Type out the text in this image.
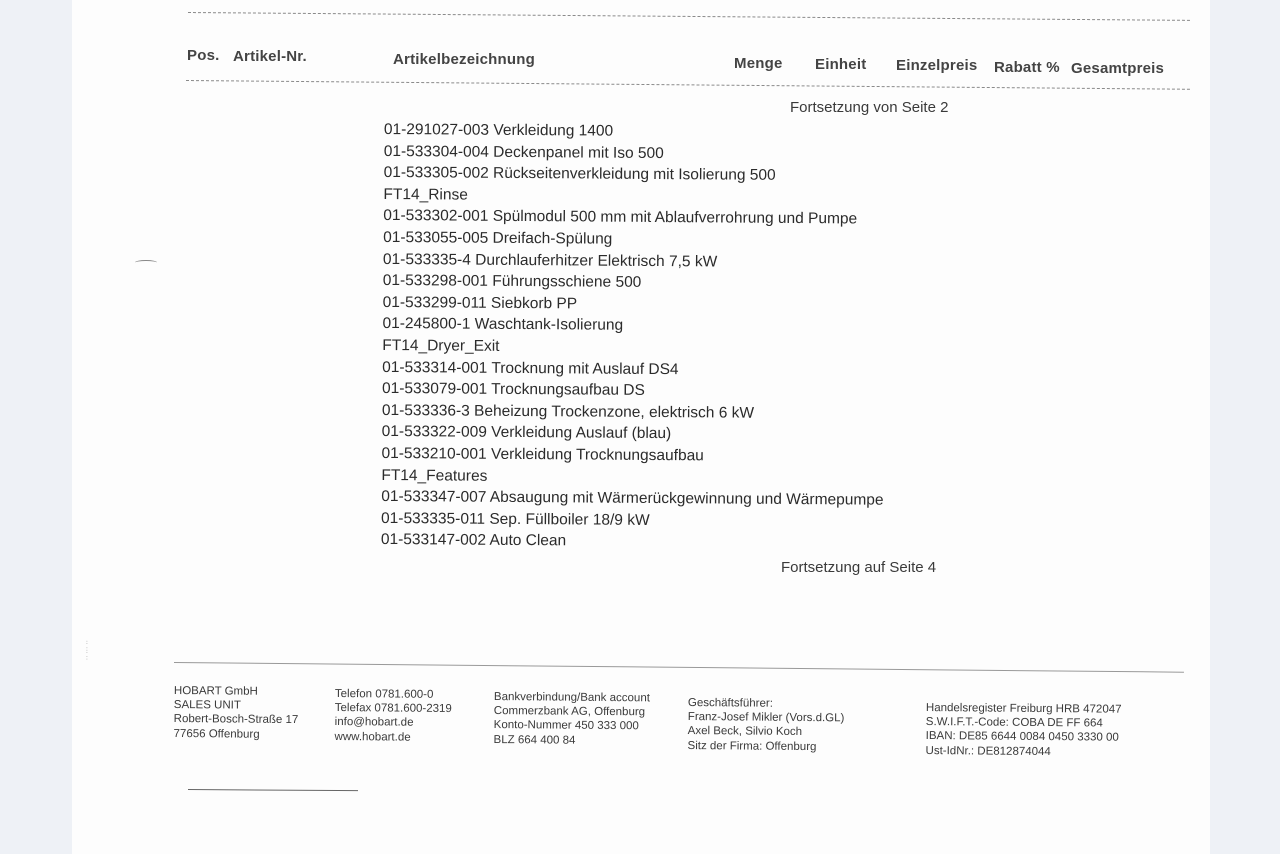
Pos. Artikel-Nr.	Artikelbezeichnung	Menge Einheit Einzelpreis Rabatt % Gesamtpreis
Fortsetzung von Seite 2
01-291027-003 Verkleidung 1400
01-533304-004 Deckenpanel mit Iso 500
01-533305-002 Rückseitenverkleidung mit Isolierung 500
FT14_Rinse
01-533302-001 Spülmodul 500 mm mit Ablaufverrohrung und Pumpe
01-533055-005 Dreifach-Spülung
01-533335-4 Durchlauferhitzer Elektrisch 7,5 kW
01-533298-001 Führungsschiene 500
01-533299-011 Siebkorb PP
01-245800-1 Waschtank-Isolierung
FT14_Dryer_Exit
01-533314-001 Trocknung mit Auslauf DS4
01-533079-001 Trocknungsaufbau DS
01-533336-3 Beheizung Trockenzone, elektrisch 6 kW
01-533322-009 Verkleidung Auslauf (blau)
01-533210-001 Verkleidung Trocknungsaufbau
FT14_Features
01-533347-007 Absaugung mit Wärmerückgewinnung und Wärmepumpe
01-533335-011 Sep. Füllboiler 18/9 kW
01-533147-002 Auto Clean
Fortsetzung auf Seite 4
·· ··· ··
HOBART GmbH
SALES UNIT
Robert-Bosch-Straße 17
77656 Offenburg
Telefon 0781.600-0
Telefax 0781.600-2319
info@hobart.de
www.hobart.de
Bankverbindung/Bank account
Commerzbank AG, Offenburg
Konto-Nummer 450 333 000
BLZ 664 400 84
Geschäftsführer:
Franz-Josef Mikler (Vors.d.GL)
Axel Beck, Silvio Koch
Sitz der Firma: Offenburg
Handelsregister Freiburg HRB 472047
S.W.I.F.T.-Code: COBA DE FF 664
IBAN: DE85 6644 0084 0450 3330 00
Ust-IdNr.: DE812874044
